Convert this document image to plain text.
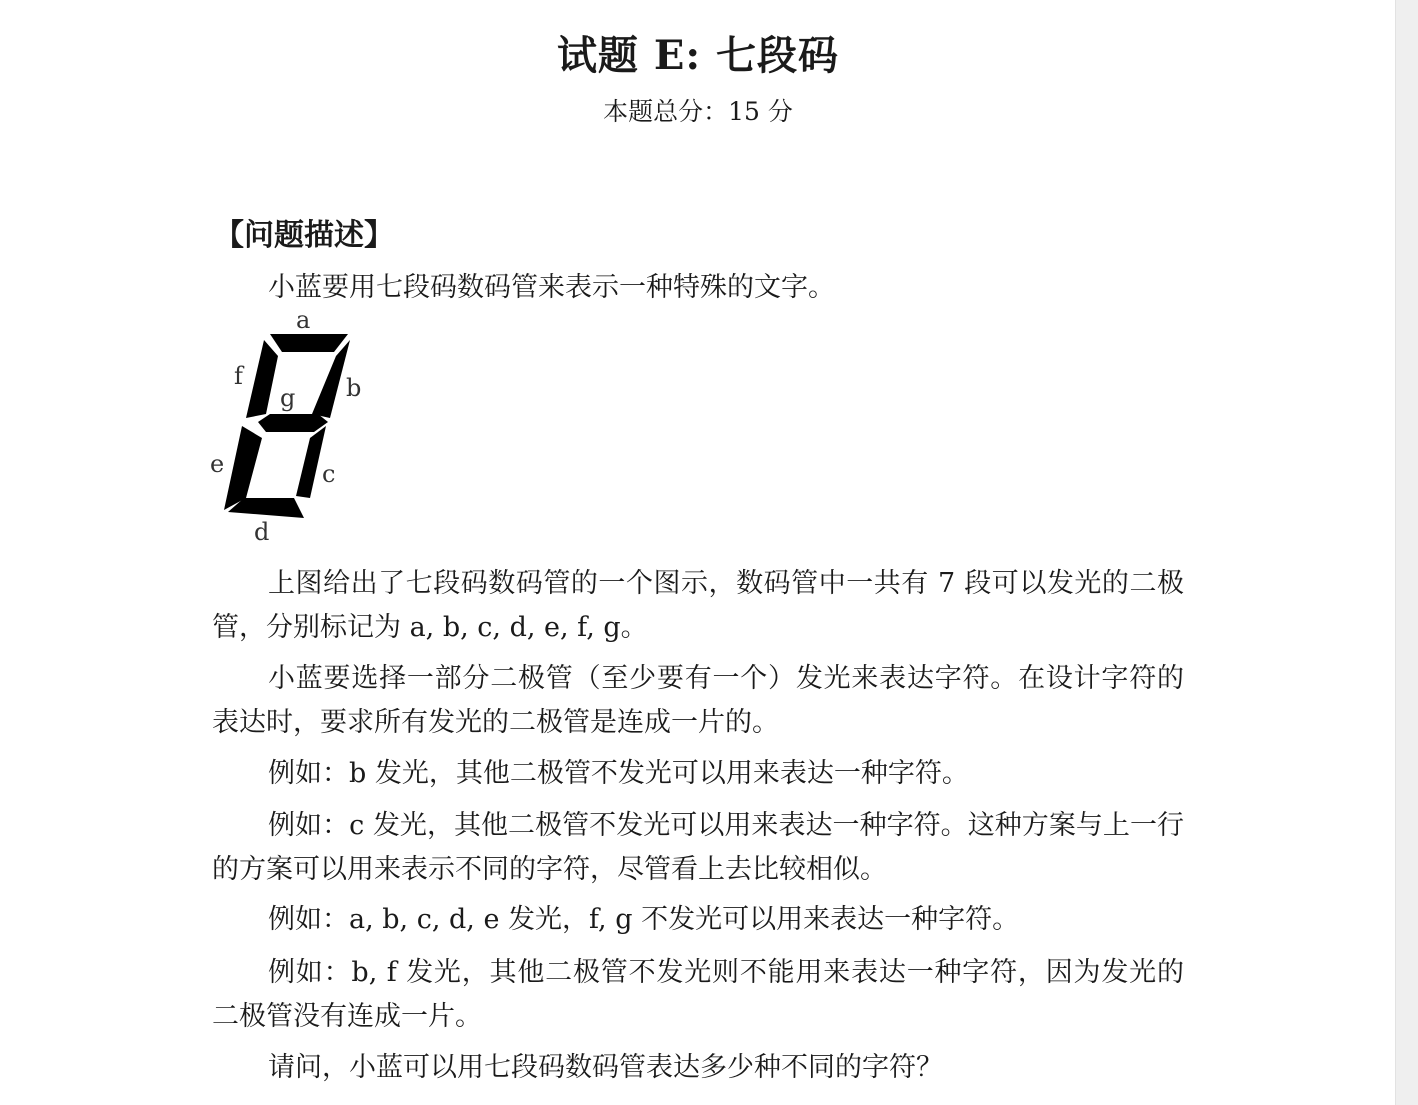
试题 E: 七段码

本题总分：15 分

【问题描述】

小蓝要用七段码数码管来表示一种特殊的文字。

a
b
c
d
e
f
g

上图给出了七段码数码管的一个图示，数码管中一共有 7 段可以发光的二极管，分别标记为 a, b, c, d, e, f, g。

小蓝要选择一部分二极管（至少要有一个）发光来表达字符。在设计字符的表达时，要求所有发光的二极管是连成一片的。

例如：b 发光，其他二极管不发光可以用来表达一种字符。

例如：c 发光，其他二极管不发光可以用来表达一种字符。这种方案与上一行的方案可以用来表示不同的字符，尽管看上去比较相似。

例如：a, b, c, d, e 发光，f, g 不发光可以用来表达一种字符。

例如：b, f 发光，其他二极管不发光则不能用来表达一种字符，因为发光的二极管没有连成一片。

请问，小蓝可以用七段码数码管表达多少种不同的字符？
